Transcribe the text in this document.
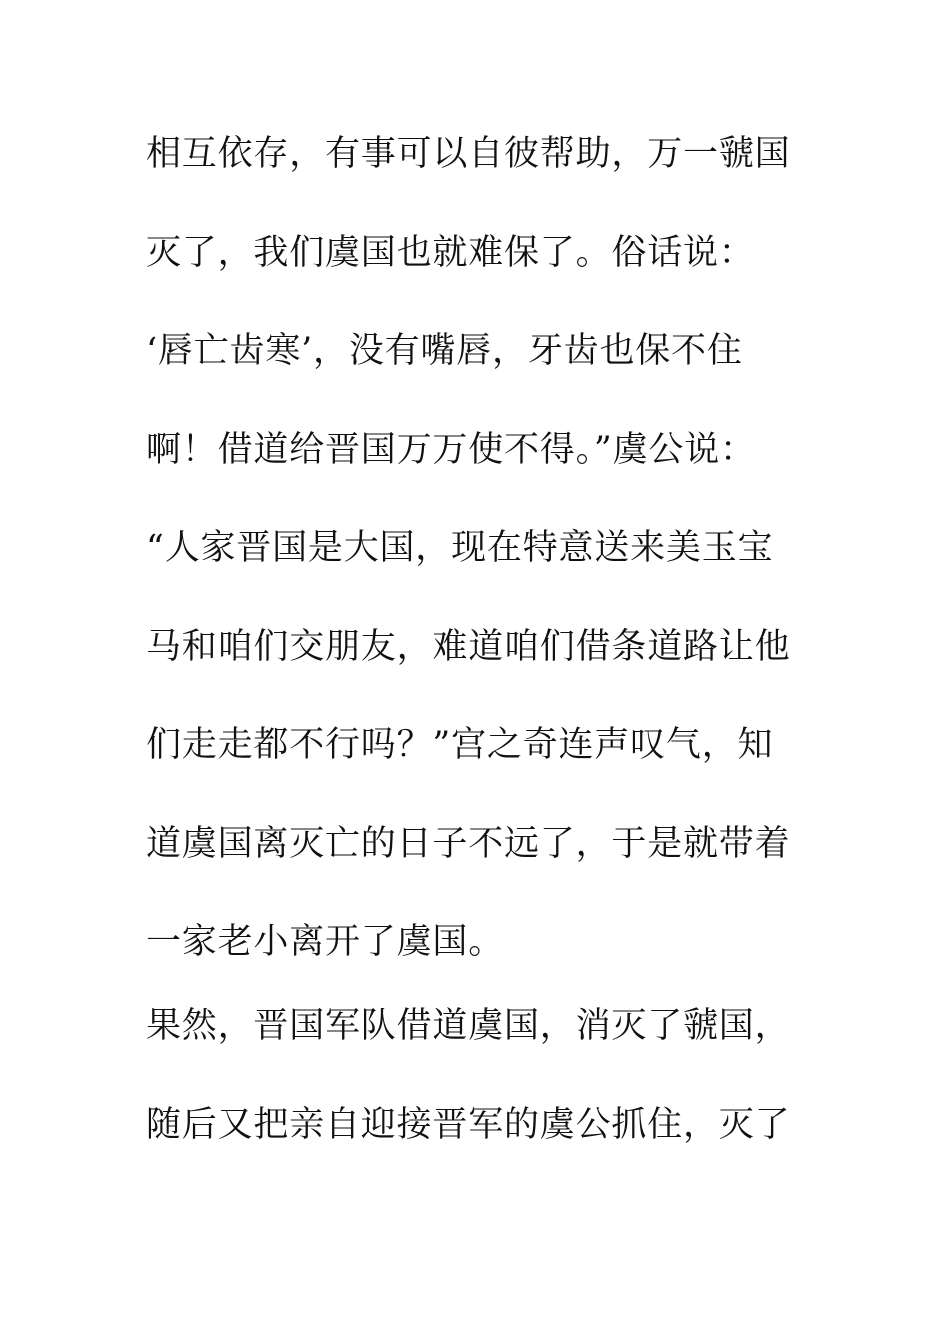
相互依存，有事可以自彼帮助，万一虢国
灭了，我们虞国也就难保了。俗话说：
‘唇亡齿寒’，没有嘴唇，牙齿也保不住
啊！借道给晋国万万使不得。”虞公说：
“人家晋国是大国，现在特意送来美玉宝
马和咱们交朋友，难道咱们借条道路让他
们走走都不行吗？”宫之奇连声叹气，知
道虞国离灭亡的日子不远了，于是就带着
一家老小离开了虞国。
果然，晋国军队借道虞国，消灭了虢国，
随后又把亲自迎接晋军的虞公抓住，灭了
